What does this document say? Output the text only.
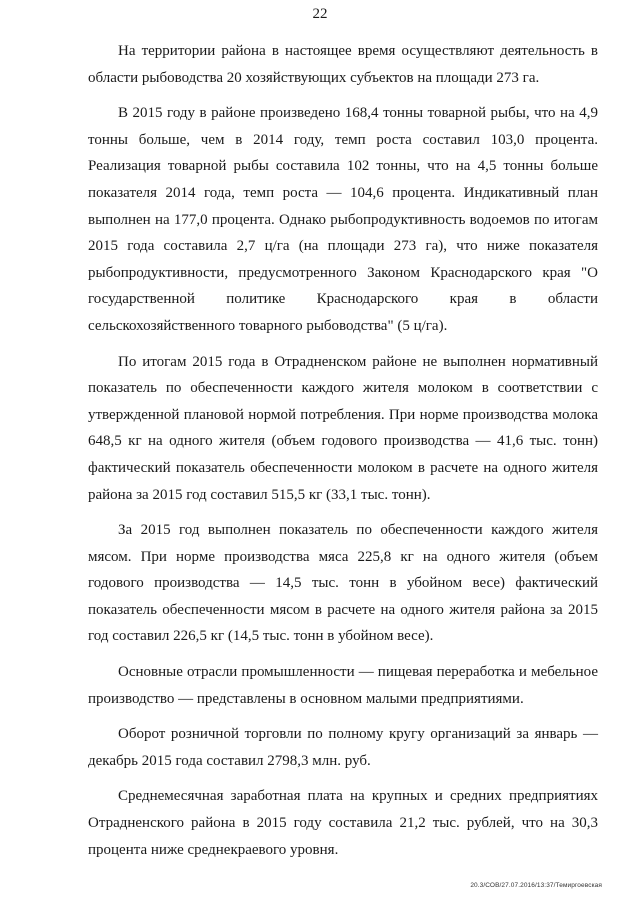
22

На территории района в настоящее время осуществляют деятельность в области рыбоводства 20 хозяйствующих субъектов на площади 273 га.

В 2015 году в районе произведено 168,4 тонны товарной рыбы, что на 4,9 тонны больше, чем в 2014 году, темп роста составил 103,0 процента. Реализация товарной рыбы составила 102 тонны, что на 4,5 тонны больше показателя 2014 года, темп роста — 104,6 процента. Индикативный план выполнен на 177,0 процента. Однако рыбопродуктивность водоемов по итогам 2015 года составила 2,7 ц/га (на площади 273 га), что ниже показателя рыбопродуктивности, предусмотренного Законом Краснодарского края "О государственной политике Краснодарского края в области сельскохозяйственного товарного рыбоводства" (5 ц/га).

По итогам 2015 года в Отрадненском районе не выполнен нормативный показатель по обеспеченности каждого жителя молоком в соответствии с утвержденной плановой нормой потребления. При норме производства молока 648,5 кг на одного жителя (объем годового производства — 41,6 тыс. тонн) фактический показатель обеспеченности молоком в расчете на одного жителя района за 2015 год составил 515,5 кг (33,1 тыс. тонн).

За 2015 год выполнен показатель по обеспеченности каждого жителя мясом. При норме производства мяса 225,8 кг на одного жителя (объем годового производства — 14,5 тыс. тонн в убойном весе) фактический показатель обеспеченности мясом в расчете на одного жителя района за 2015 год составил 226,5 кг (14,5 тыс. тонн в убойном весе).

Основные отрасли промышленности — пищевая переработка и мебельное производство — представлены в основном малыми предприятиями.

Оборот розничной торговли по полному кругу организаций за январь — декабрь 2015 года составил 2798,3 млн. руб.

Среднемесячная заработная плата на крупных и средних предприятиях Отрадненского района в 2015 году составила 21,2 тыс. рублей, что на 30,3 процента ниже среднекраевого уровня.

20.3/СОВ/27.07.2016/13:37/Темиргоевская
